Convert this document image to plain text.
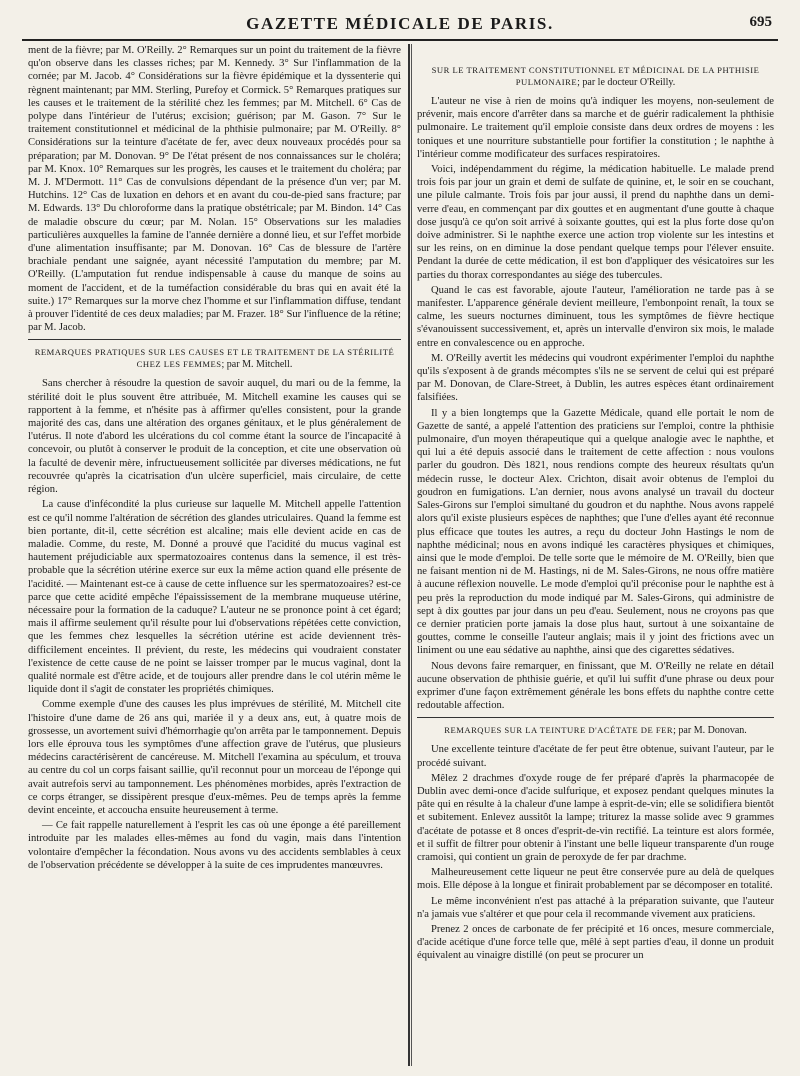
GAZETTE MÉDICALE DE PARIS.	695

ment de la fièvre; par M. O'Reilly. 2° Remarques sur un point du traitement de la fièvre qu'on observe dans les classes riches; par M. Kennedy. 3° Sur l'inflammation de la cornée; par M. Jacob. 4° Considérations sur la fièvre épidémique et la dyssenterie qui règnent maintenant; par MM. Sterling, Purefoy et Cormick. 5° Remarques pratiques sur les causes et le traitement de la stérilité chez les femmes; par M. Mitchell. 6° Cas de polype dans l'intérieur de l'utérus; excision; guérison; par M. Gason. 7° Sur le traitement constitutionnel et médicinal de la phthisie pulmonaire; par M. O'Reilly. 8° Considérations sur la teinture d'acétate de fer, avec deux nouveaux procédés pour sa préparation; par M. Donovan. 9° De l'état présent de nos connaissances sur le choléra; par M. Knox. 10° Remarques sur les progrès, les causes et le traitement du choléra; par M. J. M'Dermott. 11° Cas de convulsions dépendant de la présence d'un ver; par M. Hutchins. 12° Cas de luxation en dehors et en avant du cou-de-pied sans fracture; par M. Edwards. 13° Du chloroforme dans la pratique obstétricale; par M. Bindon. 14° Cas de maladie obscure du cœur; par M. Nolan. 15° Observations sur les maladies particulières auxquelles la famine de l'année dernière a donné lieu, et sur l'effet morbide d'une alimentation insuffisante; par M. Donovan. 16° Cas de blessure de l'artère brachiale pendant une saignée, ayant nécessité l'amputation du membre; par M. O'Reilly. (L'amputation fut rendue indispensable à cause du manque de soins au moment de l'accident, et de la tuméfaction considérable du bras qui en avait été la suite.) 17° Remarques sur la morve chez l'homme et sur l'inflammation diffuse, tendant à prouver l'identité de ces deux maladies; par M. Frazer. 18° Sur l'influence de la rétine; par M. Jacob.

REMARQUES PRATIQUES SUR LES CAUSES ET LE TRAITEMENT DE LA STÉRILITÉ CHEZ LES FEMMES; par M. Mitchell.

Sans chercher à résoudre la question de savoir auquel, du mari ou de la femme, la stérilité doit le plus souvent être attribuée, M. Mitchell examine les causes qui se rapportent à la femme, et n'hésite pas à affirmer qu'elles consistent, pour la grande majorité des cas, dans une altération des organes génitaux, et le plus généralement de l'utérus. Il note d'abord les ulcérations du col comme étant la source de l'incapacité à concevoir, ou plutôt à conserver le produit de la conception, et cite une observation où la faculté de devenir mère, infructueusement sollicitée par diverses médications, ne fut recouvrée qu'après la cicatrisation d'un ulcère superficiel, mais circulaire, de cette région.

La cause d'infécondité la plus curieuse sur laquelle M. Mitchell appelle l'attention est ce qu'il nomme l'altération de sécrétion des glandes utriculaires. Quand la femme est bien portante, dit-il, cette sécrétion est alcaline; mais elle devient acide en cas de maladie. Comme, du reste, M. Donné a prouvé que l'acidité du mucus vaginal est hautement préjudiciable aux spermatozoaires contenus dans la semence, il est très-probable que la sécrétion utérine exerce sur eux la même action quand elle présente de l'acidité. — Maintenant est-ce à cause de cette influence sur les spermatozoaires? est-ce parce que cette acidité empêche l'épaississement de la membrane muqueuse utérine, nécessaire pour la formation de la caduque? L'auteur ne se prononce point à cet égard; mais il affirme seulement qu'il résulte pour lui d'observations répétées cette conviction, que les femmes chez lesquelles la sécrétion utérine est acide deviennent très-difficilement enceintes. Il prévient, du reste, les médecins qui voudraient constater l'existence de cette cause de ne point se laisser tromper par le mucus vaginal, dont la qualité normale est d'être acide, et de toujours aller prendre dans le col utérin même le liquide dont il s'agit de constater les propriétés chimiques.

Comme exemple d'une des causes les plus imprévues de stérilité, M. Mitchell cite l'histoire d'une dame de 26 ans qui, mariée il y a deux ans, eut, à quatre mois de grossesse, un avortement suivi d'hémorrhagie qu'on arrêta par le tamponnement. Depuis lors elle éprouva tous les symptômes d'une affection grave de l'utérus, que plusieurs médecins caractérisèrent de cancéreuse. M. Mitchell l'examina au spéculum, et trouva au centre du col un corps faisant saillie, qu'il reconnut pour un morceau de l'éponge qui avait autrefois servi au tamponnement. Les phénomènes morbides, après l'extraction de ce corps étranger, se dissipèrent presque d'eux-mêmes. Peu de temps après la femme devint enceinte, et accoucha ensuite heureusement à terme.

— Ce fait rappelle naturellement à l'esprit les cas où une éponge a été pareillement introduite par les malades elles-mêmes au fond du vagin, mais dans l'intention volontaire d'empêcher la fécondation. Nous avons vu des accidents semblables à ceux de l'observation précédente se développer à la suite de ces imprudentes manœuvres.

SUR LE TRAITEMENT CONSTITUTIONNEL ET MÉDICINAL DE LA PHTHISIE PULMONAIRE; par le docteur O'Reilly.

L'auteur ne vise à rien de moins qu'à indiquer les moyens, non-seulement de prévenir, mais encore d'arrêter dans sa marche et de guérir radicalement la phthisie pulmonaire. Le traitement qu'il emploie consiste dans deux ordres de moyens : les toniques et une nourriture substantielle pour fortifier la constitution ; le naphthe à l'intérieur comme modificateur des surfaces respiratoires.

Voici, indépendamment du régime, la médication habituelle. Le malade prend trois fois par jour un grain et demi de sulfate de quinine, et, le soir en se couchant, une pilule calmante. Trois fois par jour aussi, il prend du naphthe dans un demi-verre d'eau, en commençant par dix gouttes et en augmentant d'une goutte à chaque dose jusqu'à ce qu'on soit arrivé à soixante gouttes, qui est la plus forte dose qu'on doive administrer. Si le naphthe exerce une action trop violente sur les intestins et sur les reins, on en diminue la dose pendant quelque temps pour l'élever ensuite. Pendant la durée de cette médication, il est bon d'appliquer des vésicatoires sur les parties du thorax correspondantes au siége des tubercules.

Quand le cas est favorable, ajoute l'auteur, l'amélioration ne tarde pas à se manifester. L'apparence générale devient meilleure, l'embonpoint renaît, la toux se calme, les sueurs nocturnes diminuent, tous les symptômes de fièvre hectique s'évanouissent successivement, et, après un intervalle d'environ six mois, le malade entre en convalescence ou en approche.

M. O'Reilly avertit les médecins qui voudront expérimenter l'emploi du naphthe qu'ils s'exposent à de grands mécomptes s'ils ne se servent de celui qui est préparé par M. Donovan, de Clare-Street, à Dublin, les autres espèces étant ordinairement falsifiées.

Il y a bien longtemps que la Gazette Médicale, quand elle portait le nom de Gazette de santé, a appelé l'attention des praticiens sur l'emploi, contre la phthisie pulmonaire, d'un moyen thérapeutique qui a quelque analogie avec le naphthe, et qui lui a été depuis associé dans le traitement de cette affection : nous voulons parler du goudron. Dès 1821, nous rendions compte des heureux résultats qu'un médecin russe, le docteur Alex. Crichton, disait avoir obtenus de l'emploi du goudron en fumigations. L'an dernier, nous avons analysé un travail du docteur Sales-Girons sur l'emploi simultané du goudron et du naphthe. Nous avons rappelé alors qu'il existe plusieurs espèces de naphthes; que l'une d'elles ayant été reconnue plus efficace que toutes les autres, a reçu du docteur John Hastings le nom de naphthe médicinal; nous en avons indiqué les caractères physiques et chimiques, ainsi que le mode d'emploi. De telle sorte que le mémoire de M. O'Reilly, bien que ne faisant mention ni de M. Hastings, ni de M. Sales-Girons, ne nous offre matière à aucune réflexion nouvelle. Le mode d'emploi qu'il préconise pour le naphthe est à peu près la reproduction du mode indiqué par M. Sales-Girons, qui administre de sept à dix gouttes par jour dans un peu d'eau. Seulement, nous ne croyons pas que ce dernier praticien porte jamais la dose plus haut, surtout à une soixantaine de gouttes, comme le conseille l'auteur anglais; mais il y joint des frictions avec un liniment ou une eau sédative au naphthe, ainsi que des cigarettes sédatives.

Nous devons faire remarquer, en finissant, que M. O'Reilly ne relate en détail aucune observation de phthisie guérie, et qu'il lui suffit d'une phrase ou deux pour exprimer d'une façon extrêmement générale les bons effets du naphthe contre cette redoutable affection.

REMARQUES SUR LA TEINTURE D'ACÉTATE DE FER; par M. Donovan.

Une excellente teinture d'acétate de fer peut être obtenue, suivant l'auteur, par le procédé suivant.

Mêlez 2 drachmes d'oxyde rouge de fer préparé d'après la pharmacopée de Dublin avec demi-once d'acide sulfurique, et exposez pendant quelques minutes la pâte qui en résulte à la chaleur d'une lampe à esprit-de-vin; elle se solidifiera bientôt et subitement. Enlevez aussitôt la lampe; triturez la masse solide avec 9 grammes d'acétate de potasse et 8 onces d'esprit-de-vin rectifié. La teinture est alors formée, et il suffit de filtrer pour obtenir à l'instant une belle liqueur transparente d'un rouge cramoisi, qui contient un grain de peroxyde de fer par drachme.

Malheureusement cette liqueur ne peut être conservée pure au delà de quelques mois. Elle dépose à la longue et finirait probablement par se décomposer en totalité.

Le même inconvénient n'est pas attaché à la préparation suivante, que l'auteur n'a jamais vue s'altérer et que pour cela il recommande vivement aux praticiens.

Prenez 2 onces de carbonate de fer précipité et 16 onces, mesure commerciale, d'acide acétique d'une force telle que, mêlé à sept parties d'eau, il donne un produit équivalent au vinaigre distillé (on peut se procurer un
